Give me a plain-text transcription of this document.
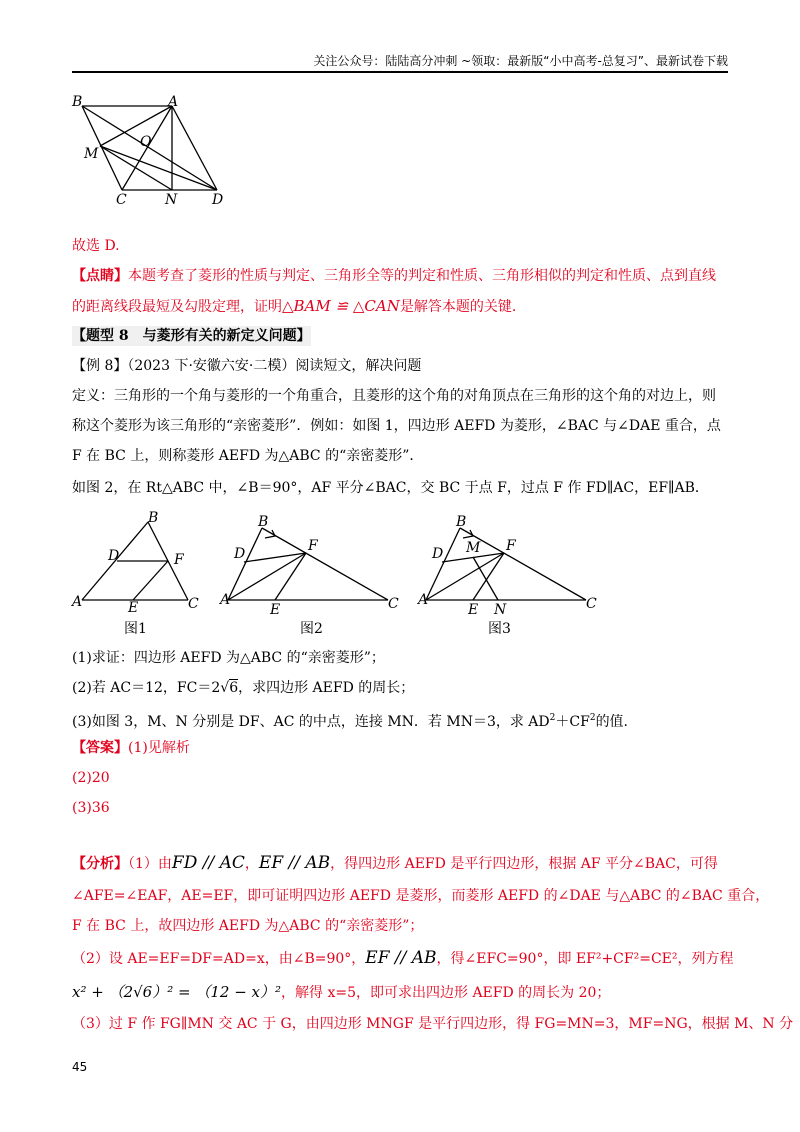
关注公众号：陆陆高分冲刺 ~领取：最新版“小中高考-总复习”、最新试卷下载
B	A
M
O
C	N D
故选 D.
【点睛】本题考查了菱形的性质与判定、三角形全等的判定和性质、三角形相似的判定和性质、点到直线
的距离线段最短及勾股定理，证明△BAM ≌ △CAN是解答本题的关键.
【题型 8　与菱形有关的新定义问题】
【例 8】（2023 下·安徽六安·二模）阅读短文，解决问题
定义：三角形的一个角与菱形的一个角重合，且菱形的这个角的对角顶点在三角形的这个角的对边上，则
称这个菱形为该三角形的“亲密菱形”．例如：如图 1，四边形 AEFD 为菱形，∠BAC 与∠DAE 重合，点
F 在 BC 上，则称菱形 AEFD 为△ABC 的“亲密菱形”．
如图 2，在 Rt△ABC 中，∠B＝90°，AF 平分∠BAC，交 BC 于点 F，过点 F 作 FD∥AC，EF∥AB．
B
D	F
A	E	C
图1
B
D	F
A
E	C
图2
B
D M F
A
E N	C
图3
(1)求证：四边形 AEFD 为△ABC 的“亲密菱形”；
(2)若 AC＝12，FC＝2√6，求四边形 AEFD 的周长；
(3)如图 3，M、N 分别是 DF、AC 的中点，连接 MN．若 MN＝3，求 $AD^2+CF^2$的值.
【答案】(1)见解析
(2)20
(3)36
【分析】（1）由FD // AC，EF // AB，得四边形 AEFD 是平行四边形，根据 AF 平分∠BAC，可得
∠AFE=∠EAF，AE=EF，即可证明四边形 AEFD 是菱形，而菱形 AEFD 的∠DAE 与△ABC 的∠BAC 重合，
F 在 BC 上，故四边形 AEFD 为△ABC 的“亲密菱形”；
（2）设 AE=EF=DF=AD=x，由∠B=90°，EF // AB，得∠EFC=90°，即 EF²+CF²=CE²，列方程
x² + （2√6）² = （12 − x）²，解得 x=5，即可求出四边形 AEFD 的周长为 20；
（3）过 F 作 FG∥MN 交 AC 于 G，由四边形 MNGF 是平行四边形，得 FG=MN=3，MF=NG，根据 M、N 分
45
